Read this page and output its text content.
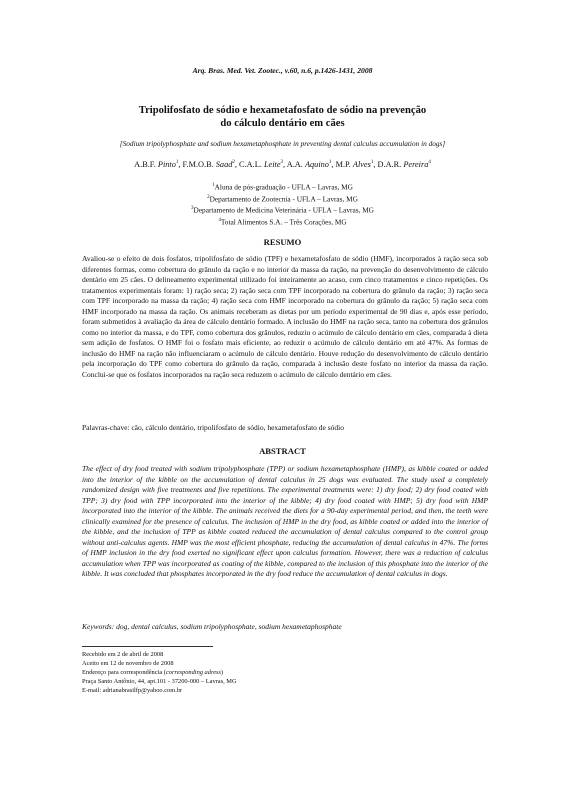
Arq. Bras. Med. Vet. Zootec., v.60, n.6, p.1426-1431, 2008
Tripolifosfato de sódio e hexametafosfato de sódio na prevenção
do cálculo dentário em cães
[Sodium tripolyphosphate and sodium hexametaphosphate in preventing dental calculus accumulation in dogs]
A.B.F. Pinto$^1$, F.M.O.B. Saad$^2$, C.A.L. Leite$^3$, A.A. Aquino$^1$, M.P. Alves$^1$, D.A.R. Pereira$^4$
$^1$Aluna de pós-graduação - UFLA – Lavras, MG
$^2$Departamento de Zootecnia - UFLA – Lavras, MG
$^3$Departamento de Medicina Veterinária - UFLA – Lavras, MG
$^4$Total Alimentos S.A. – Três Corações, MG
RESUMO

Avaliou-se o efeito de dois fosfatos, tripolifosfato de sódio (TPF) e hexametafosfato de sódio (HMF), incorporados à ração seca sob diferentes formas, como cobertura do grânulo da ração e no interior da massa da ração, na prevenção do desenvolvimento de cálculo dentário em 25 cães. O delineamento experimental utilizado foi inteiramente ao acaso, com cinco tratamentos e cinco repetições. Os tratamentos experimentais foram: 1) ração seca; 2) ração seca com TPF incorporado na cobertura do grânulo da ração; 3) ração seca com TPF incorporado na massa da ração; 4) ração seca com HMF incorporado na cobertura do grânulo da ração; 5) ração seca com HMF incorporado na massa da ração. Os animais receberam as dietas por um período experimental de 90 dias e, após esse período, foram submetidos à avaliação da área de cálculo dentário formado. A inclusão do HMF na ração seca, tanto na cobertura dos grânulos como no interior da massa, e do TPF, como cobertura dos grânulos, reduziu o acúmulo de cálculo dentário em cães, comparada à dieta sem adição de fosfatos. O HMF foi o fosfato mais eficiente, ao reduzir o acúmulo de cálculo dentário em até 47%. As formas de inclusão do HMF na ração não influenciaram o acúmulo de cálculo dentário. Houve redução do desenvolvimento de cálculo dentário pela incorporação do TPF como cobertura do grânulo da ração, comparada à inclusão deste fosfato no interior da massa da ração. Conclui-se que os fosfatos incorporados na ração seca reduzem o acúmulo de cálculo dentário em cães.

Palavras-chave: cão, cálculo dentário, tripolifosfato de sódio, hexametafosfato de sódio

ABSTRACT

The effect of dry food treated with sodium tripolyphosphate (TPP) or sodium hexametaphosphate (HMP), as kibble coated or added into the interior of the kibble on the accumulation of dental calculus in 25 dogs was evaluated. The study used a completely randomized design with five treatments and five repetitions. The experimental treatments were: 1) dry food; 2) dry food coated with TPP; 3) dry food with TPP incorporated into the interior of the kibble; 4) dry food coated with HMP; 5) dry food with HMP incorporated into the interior of the kibble. The animals received the diets for a 90-day experimental period, and then, the teeth were clinically examined for the presence of calculus. The inclusion of HMP in the dry food, as kibble coated or added into the interior of the kibble, and the inclusion of TPP as kibble coated reduced the accumulation of dental calculus compared to the control group without anti-calculus agents. HMP was the most efficient phosphate, reducing the accumulation of dental calculus in 47%. The forms of HMP inclusion in the dry food exerted no significant effect upon calculus formation. However, there was a reduction of calculus accumulation when TPP was incorporated as coating of the kibble, compared to the inclusion of this phosphate into the interior of the kibble. It was concluded that phosphates incorporated in the dry food reduce the accumulation of dental calculus in dogs.

Keywords: dog, dental calculus, sodium tripolyphosphate, sodium hexametaphosphate

Recebido em 2 de abril de 2008
Aceito em 12 de novembro de 2008
Endereço para correspondência (corresponding adress)
Praça Santo Antônio, 44, apt.101 - 37200-000 – Lavras, MG
E-mail: adrianabrasilfp@yahoo.com.br
